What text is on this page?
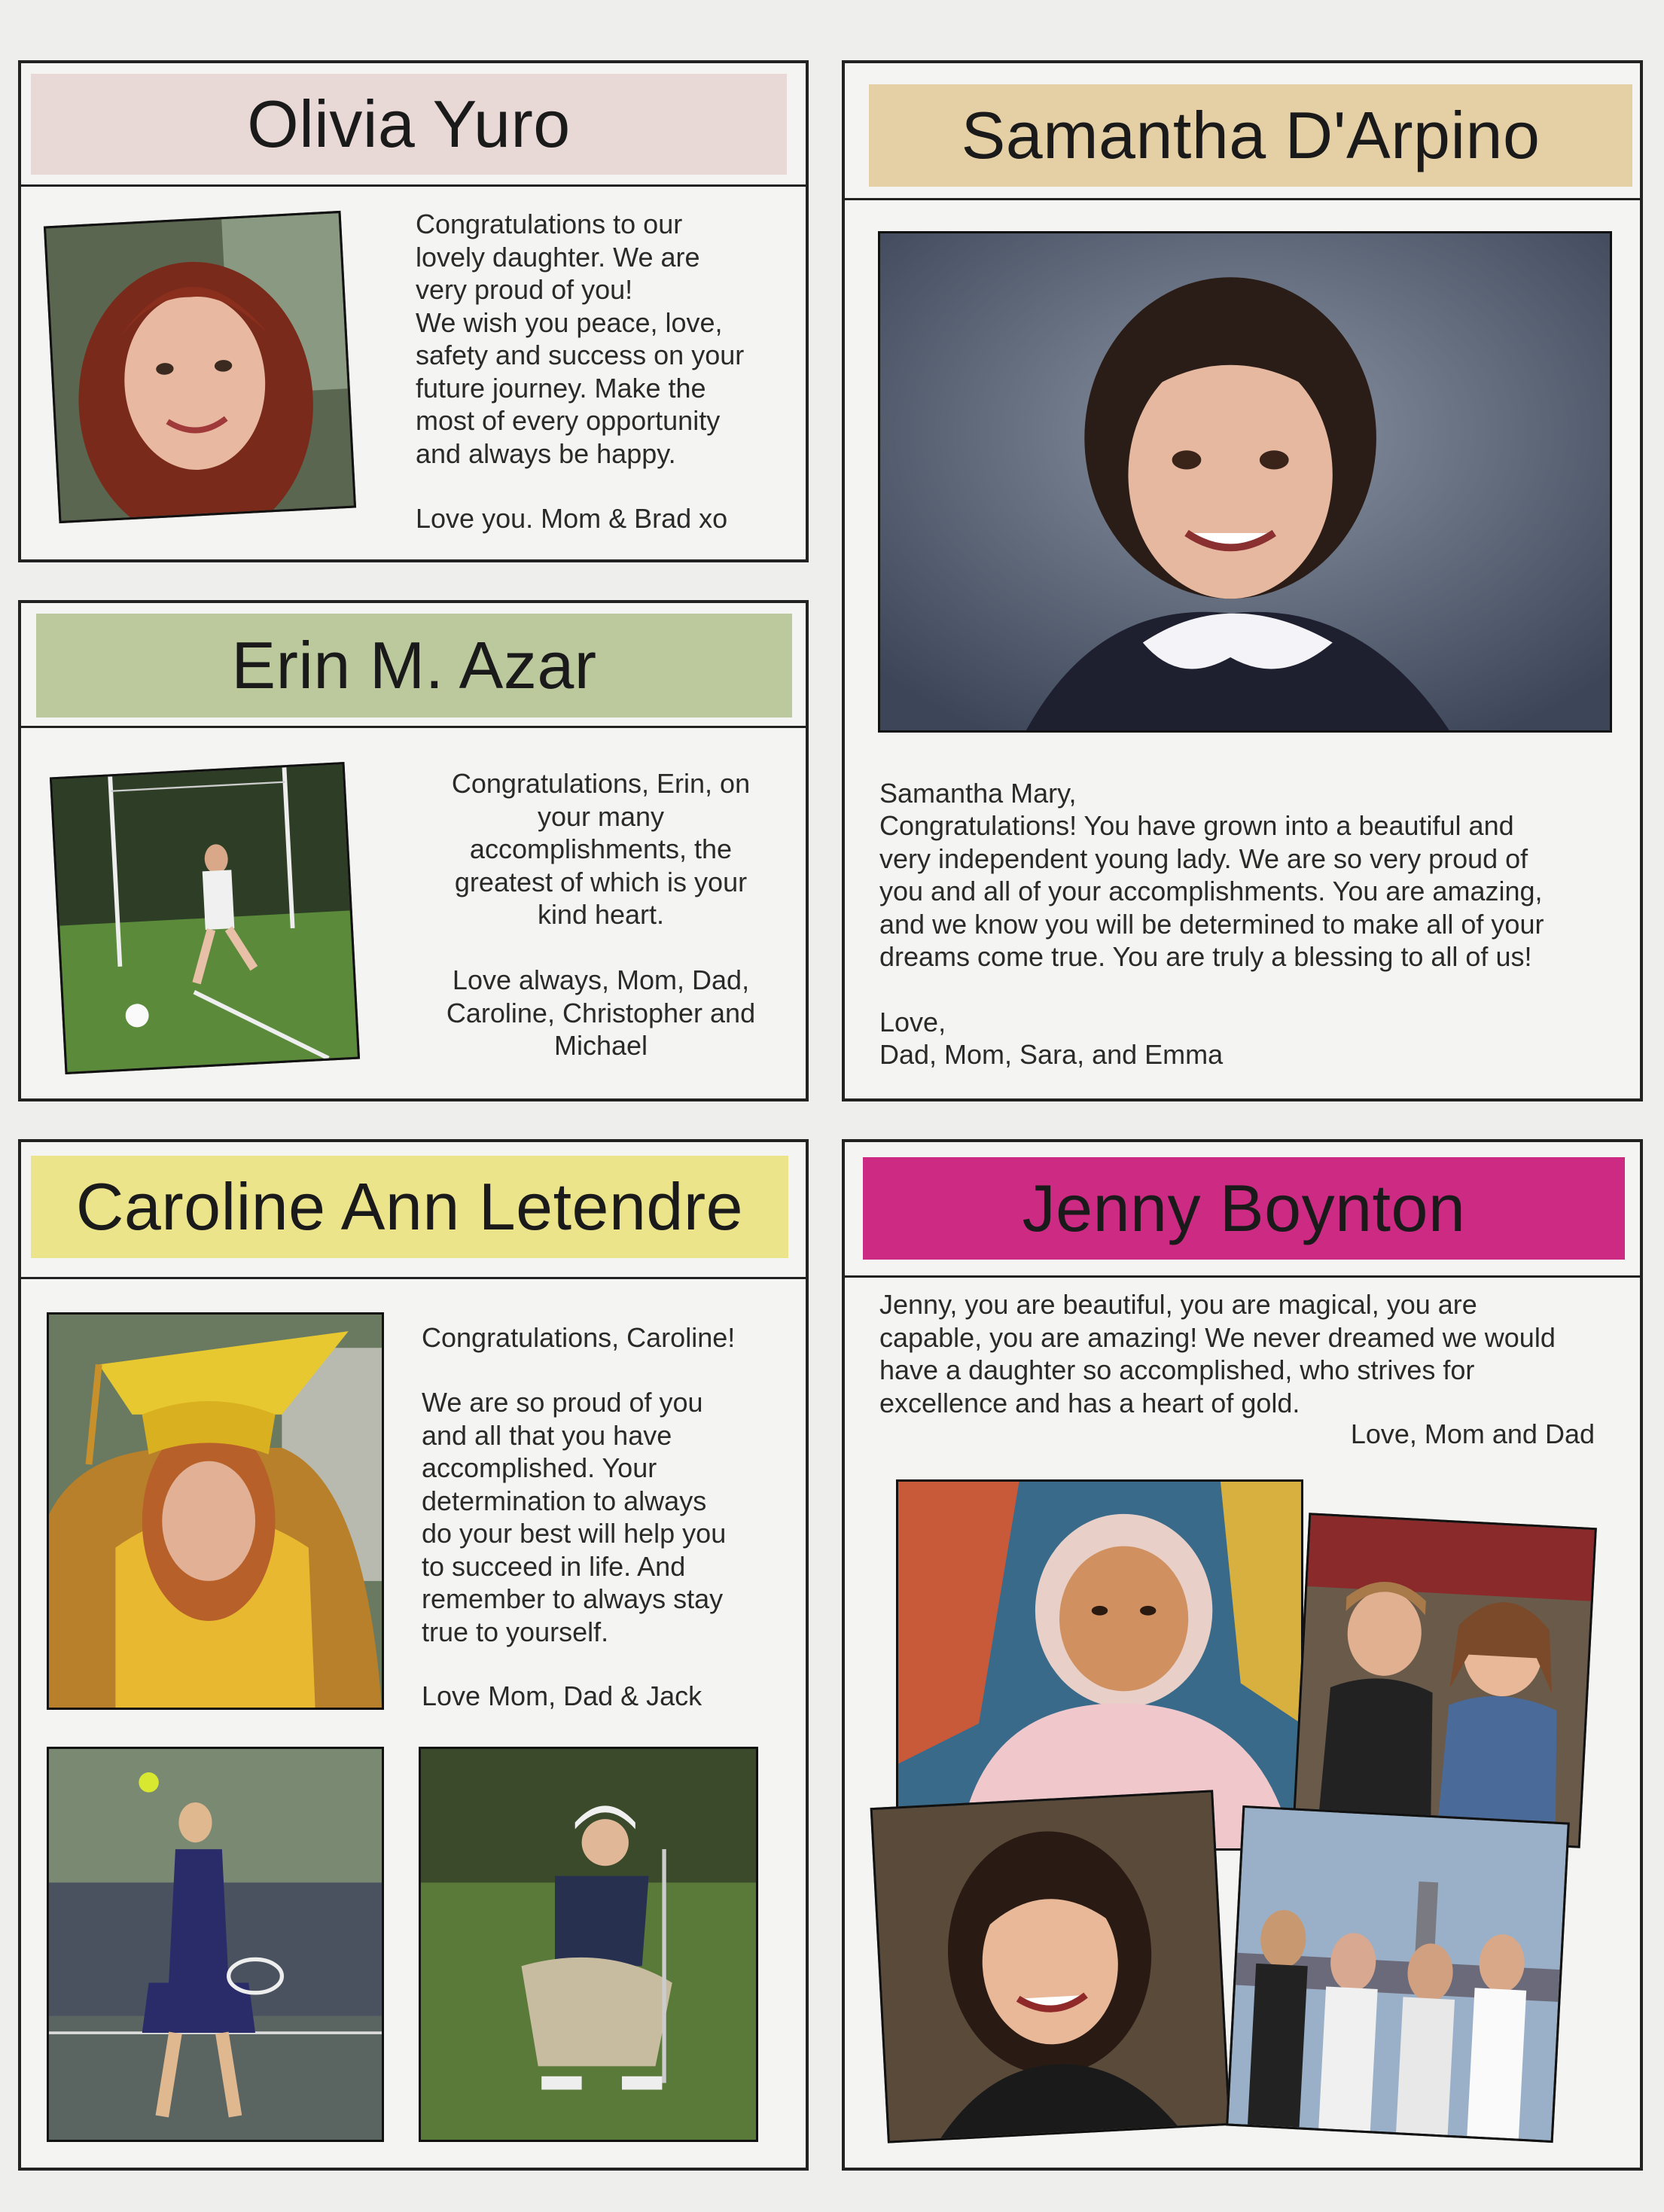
Olivia Yuro

Congratulations to our
lovely daughter. We are
very proud of you!
We wish you peace, love,
safety and success on your
future journey. Make the
most of every opportunity
and always be happy.

Love you. Mom & Brad xo
Erin M. Azar

Congratulations, Erin, on
your many
accomplishments, the
greatest of which is your
kind heart.

Love always, Mom, Dad,
Caroline, Christopher and
Michael

Samantha D'Arpino
Samantha Mary,

Congratulations! You have grown into a beautiful and
very independent young lady. We are so very proud of
you and all of your accomplishments. You are amazing,
and we know you will be determined to make all of your
dreams come true. You are truly a blessing to all of us!

Love,
Dad, Mom, Sara, and Emma
Caroline Ann Letendre
Congratulations, Caroline!

We are so proud of you
and all that you have
accomplished. Your
determination to always
do your best will help you
to succeed in life. And
remember to always stay
true to yourself.

Love Mom, Dad & Jack
Jenny Boynton

Jenny, you are beautiful, you are magical, you are
capable, you are amazing! We never dreamed we would
have a daughter so accomplished, who strives for
excellence and has a heart of gold.

Love, Mom and Dad
